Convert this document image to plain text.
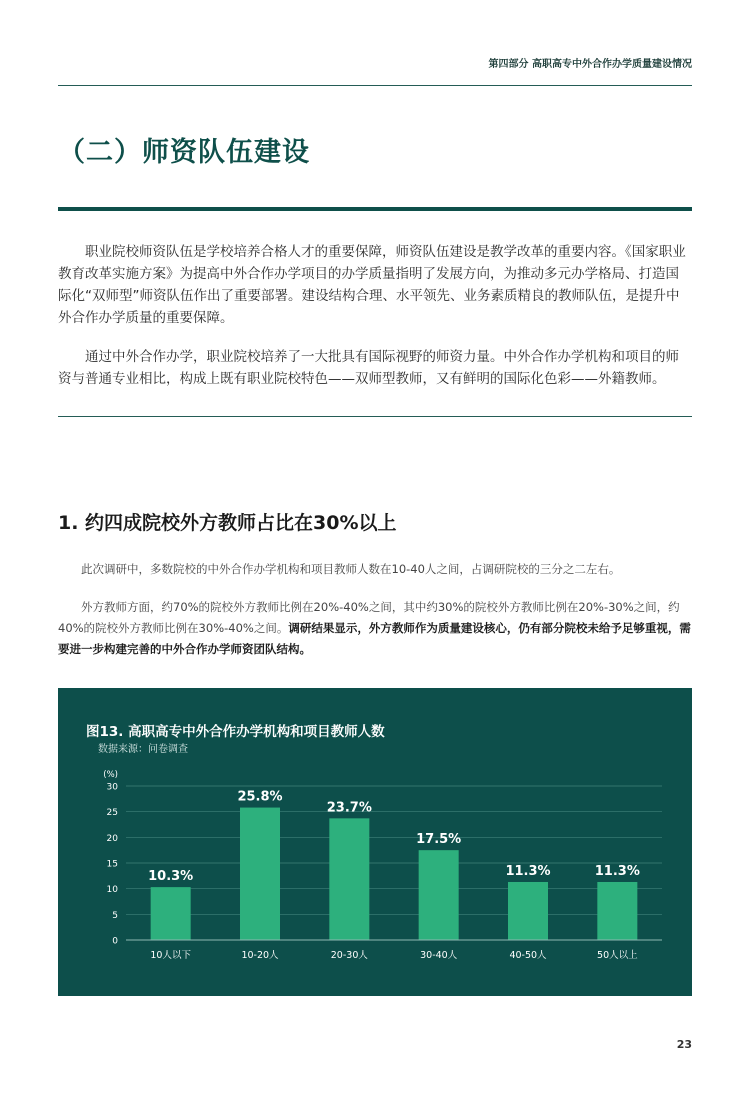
第四部分 高职高专中外合作办学质量建设情况
（二）师资队伍建设

职业院校师资队伍是学校培养合格人才的重要保障，师资队伍建设是教学改革的重要内容。《国家职业教育改革实施方案》为提高中外合作办学项目的办学质量指明了发展方向，为推动多元办学格局、打造国际化“双师型”师资队伍作出了重要部署。建设结构合理、水平领先、业务素质精良的教师队伍，是提升中外合作办学质量的重要保障。

通过中外合作办学，职业院校培养了一大批具有国际视野的师资力量。中外合作办学机构和项目的师资与普通专业相比，构成上既有职业院校特色——双师型教师，又有鲜明的国际化色彩——外籍教师。

1. 约四成院校外方教师占比在30%以上

此次调研中，多数院校的中外合作办学机构和项目教师人数在10-40人之间，占调研院校的三分之二左右。

外方教师方面，约70%的院校外方教师比例在20%-40%之间，其中约30%的院校外方教师比例在20%-30%之间，约40%的院校外方教师比例在30%-40%之间。调研结果显示，外方教师作为质量建设核心，仍有部分院校未给予足够重视，需要进一步构建完善的中外合作办学师资团队结构。

图13. 高职高专中外合作办学机构和项目教师人数
数据来源：问卷调查
0
5
10
15
20
25
30
(%)
10.3%
10人以下
25.8%
10-20人
23.7%
20-30人
17.5%
30-40人
11.3%
40-50人
11.3%
50人以上
23
